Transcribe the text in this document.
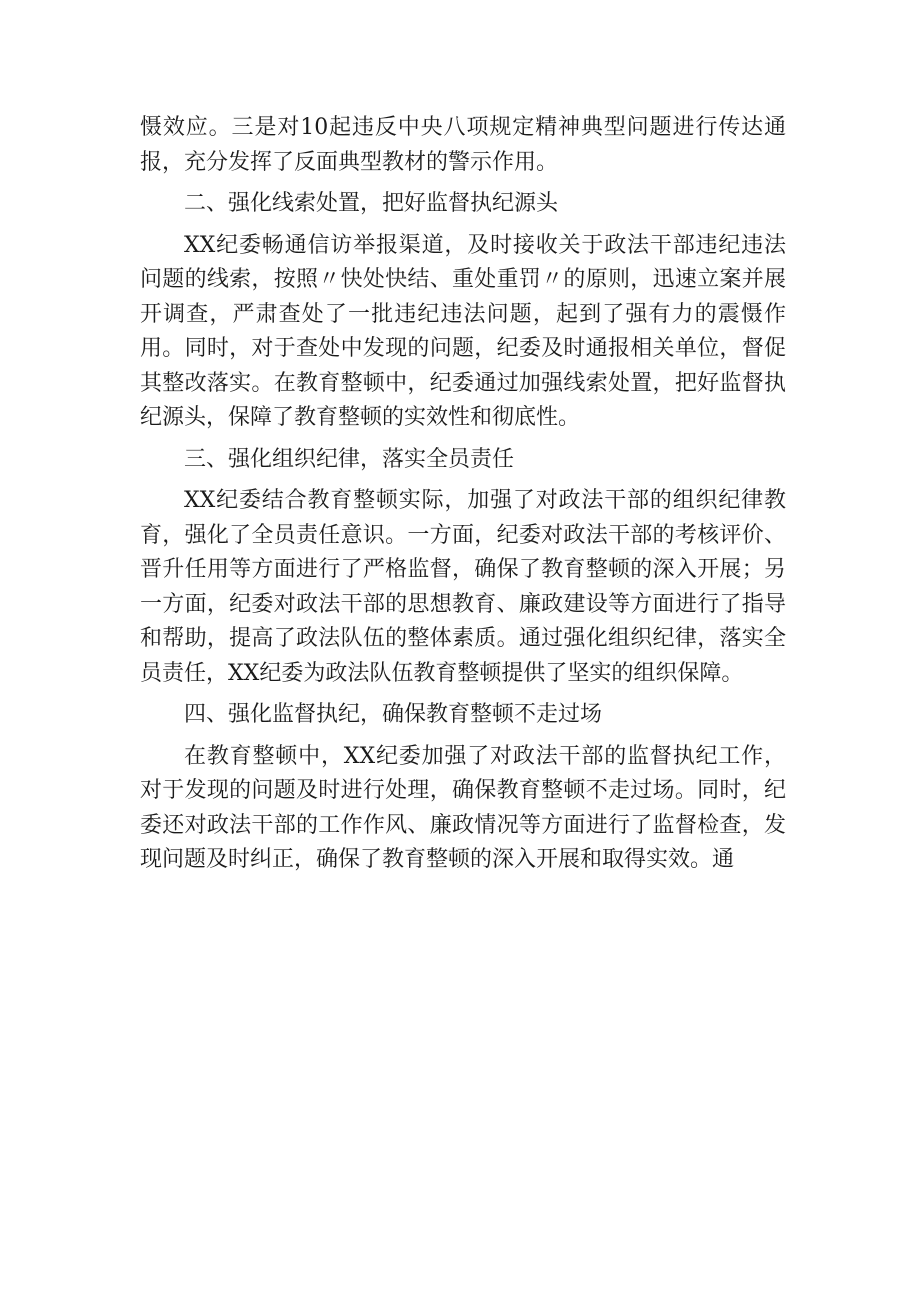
慑效应。三是对10起违反中央八项规定精神典型问题进行传达通报，充分发挥了反面典型教材的警示作用。

二、强化线索处置，把好监督执纪源头

XX纪委畅通信访举报渠道，及时接收关于政法干部违纪违法问题的线索，按照〃快处快结、重处重罚〃的原则，迅速立案并展开调查，严肃查处了一批违纪违法问题，起到了强有力的震慑作用。同时，对于查处中发现的问题，纪委及时通报相关单位，督促其整改落实。在教育整顿中，纪委通过加强线索处置，把好监督执纪源头，保障了教育整顿的实效性和彻底性。

三、强化组织纪律，落实全员责任

XX纪委结合教育整顿实际，加强了对政法干部的组织纪律教育，强化了全员责任意识。一方面，纪委对政法干部的考核评价、晋升任用等方面进行了严格监督，确保了教育整顿的深入开展；另一方面，纪委对政法干部的思想教育、廉政建设等方面进行了指导和帮助，提高了政法队伍的整体素质。通过强化组织纪律，落实全员责任，XX纪委为政法队伍教育整顿提供了坚实的组织保障。

四、强化监督执纪，确保教育整顿不走过场

在教育整顿中，XX纪委加强了对政法干部的监督执纪工作，对于发现的问题及时进行处理，确保教育整顿不走过场。同时，纪委还对政法干部的工作作风、廉政情况等方面进行了监督检查，发现问题及时纠正，确保了教育整顿的深入开展和取得实效。通
